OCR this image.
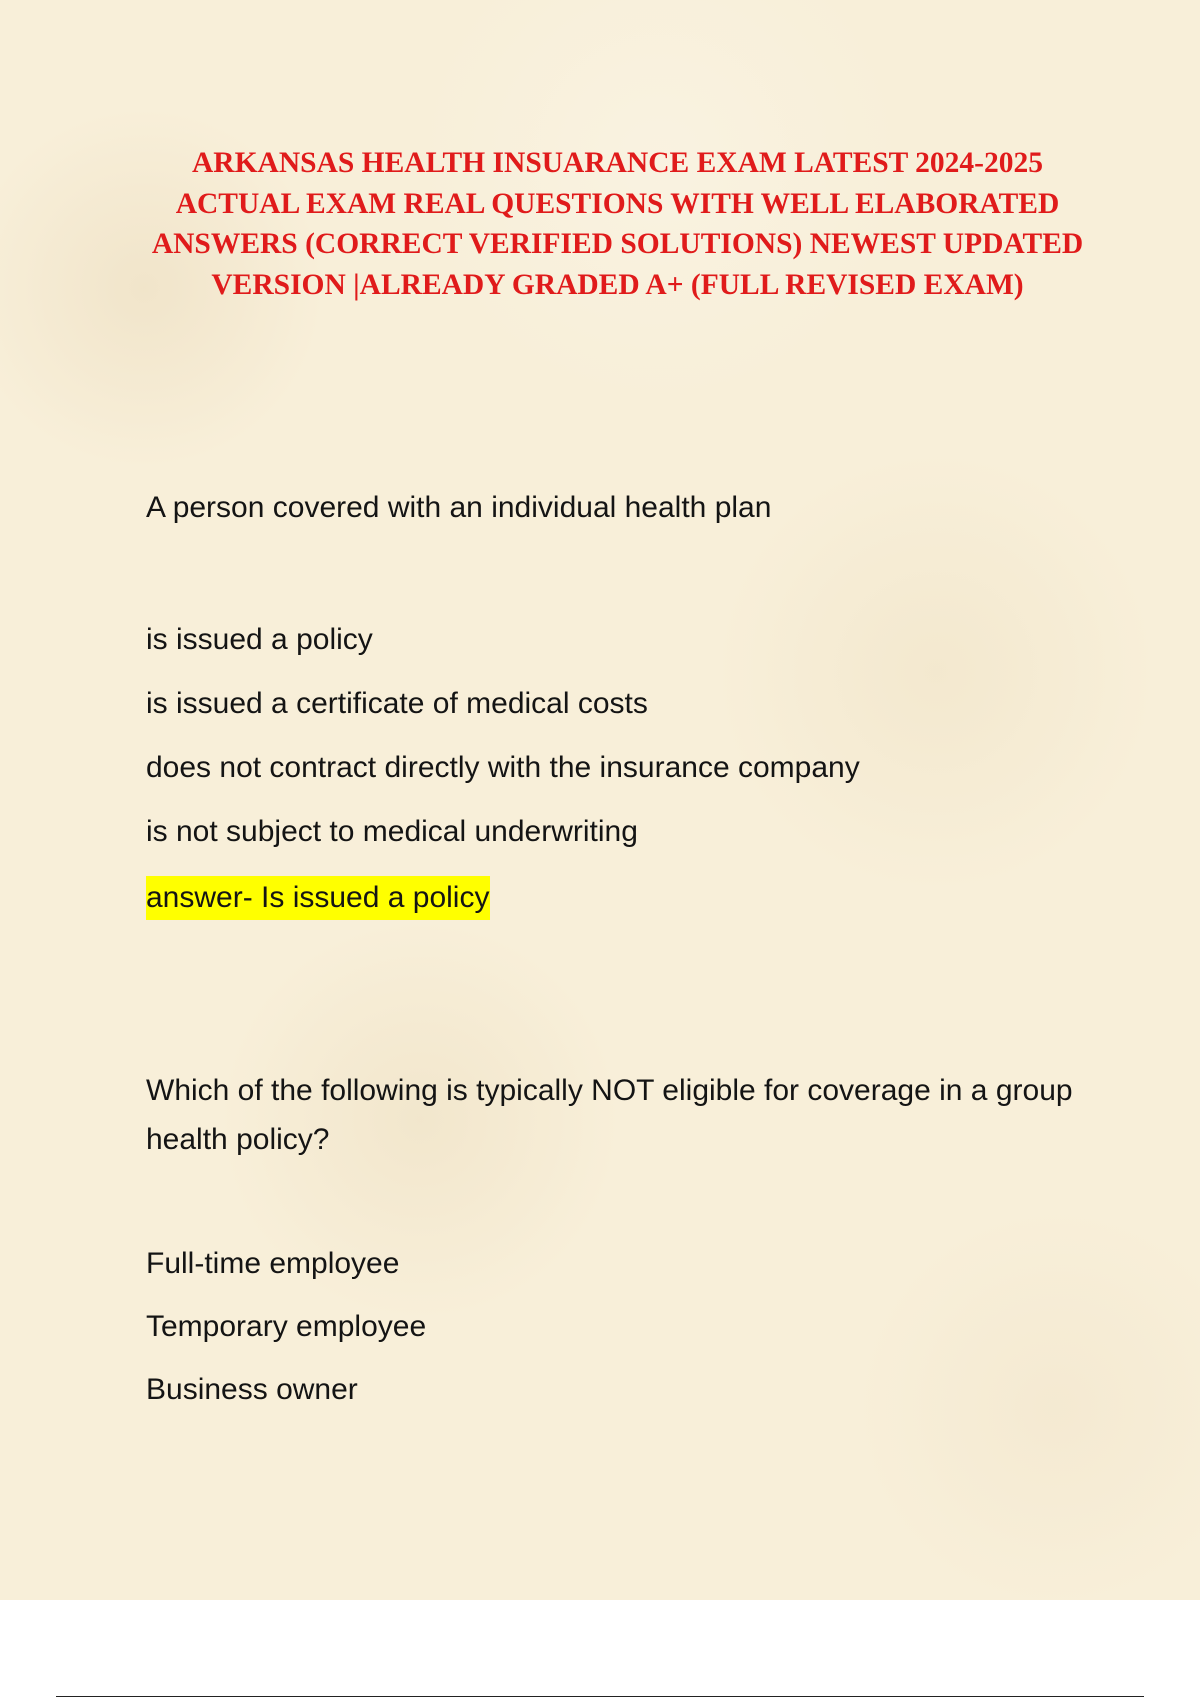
ARKANSAS HEALTH INSUARANCE EXAM LATEST 2024-2025 ACTUAL EXAM REAL QUESTIONS WITH WELL ELABORATED ANSWERS (CORRECT VERIFIED SOLUTIONS) NEWEST UPDATED VERSION |ALREADY GRADED A+ (FULL REVISED EXAM)

A person covered with an individual health plan

is issued a policy
is issued a certificate of medical costs
does not contract directly with the insurance company
is not subject to medical underwriting
answer- Is issued a policy

Which of the following is typically NOT eligible for coverage in a group health policy?

Full-time employee
Temporary employee
Business owner
